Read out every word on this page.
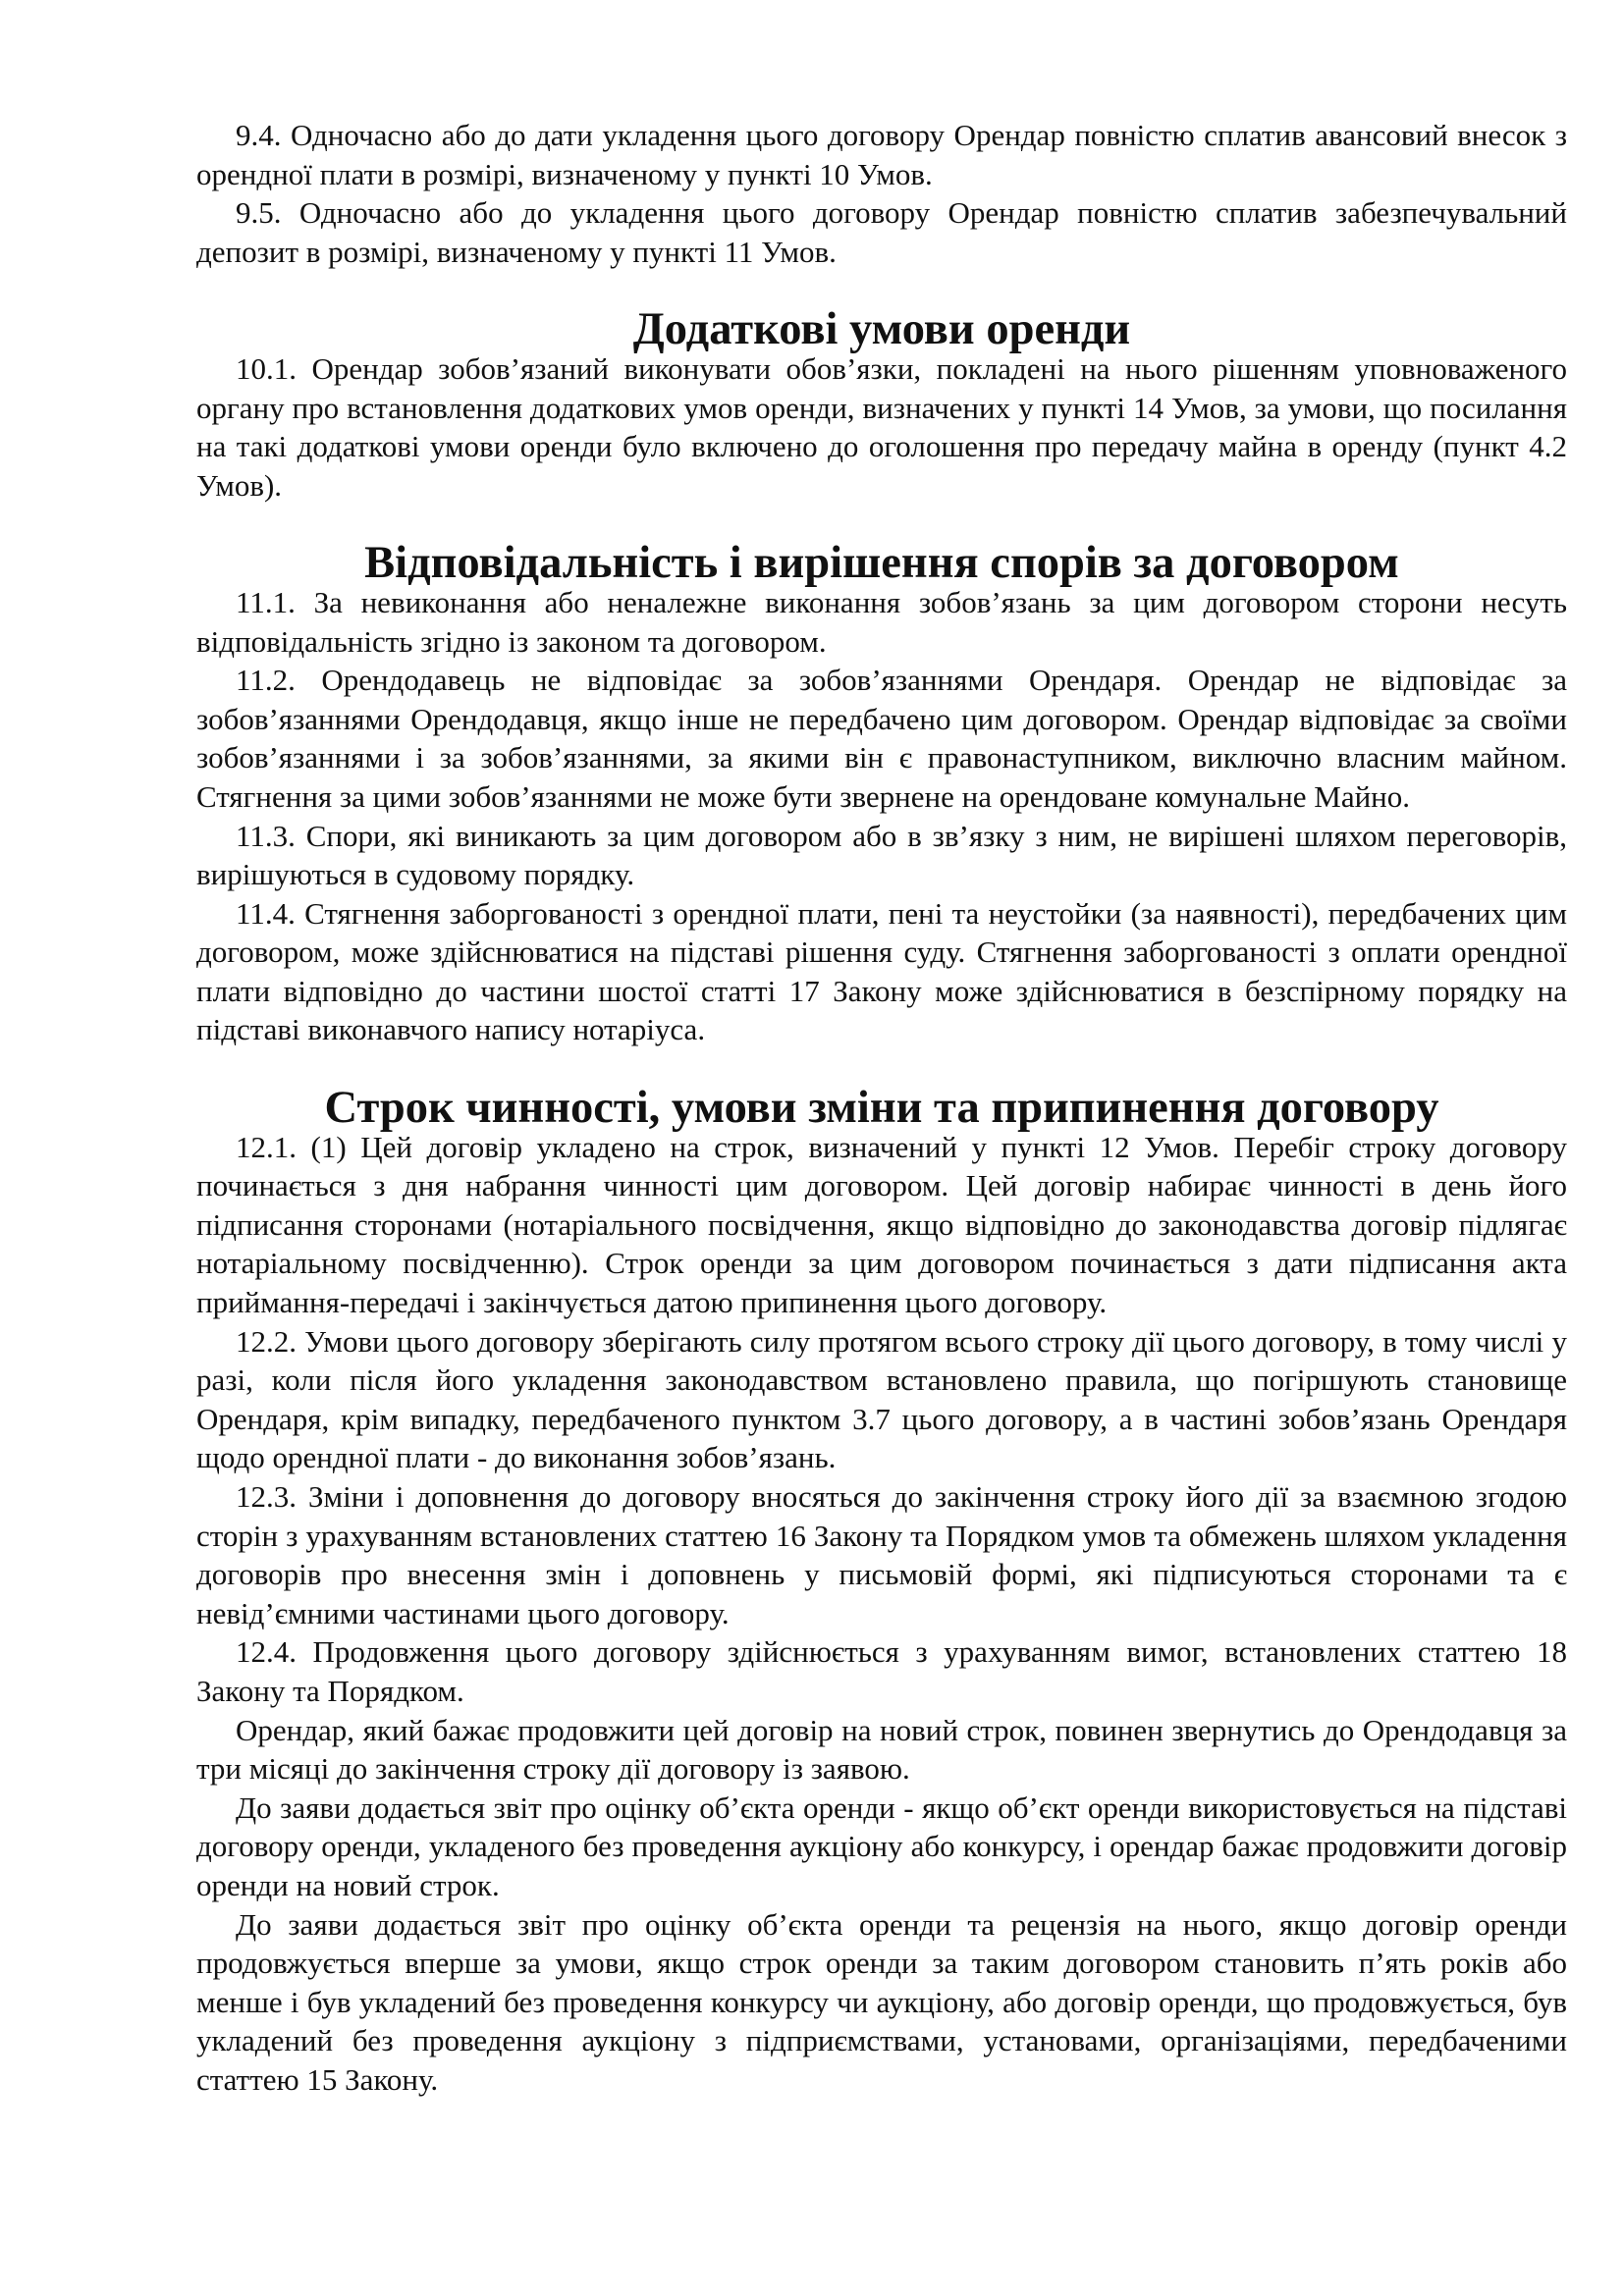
9.4. Одночасно або до дати укладення цього договору Орендар повністю сплатив авансовий внесок з орендної плати в розмірі, визначеному у пункті 10 Умов.

9.5. Одночасно або до укладення цього договору Орендар повністю сплатив забезпечувальний депозит в розмірі, визначеному у пункті 11 Умов.

Додаткові умови оренди

10.1. Орендар зобов’язаний виконувати обов’язки, покладені на нього рішенням уповноваженого органу про встановлення додаткових умов оренди, визначених у пункті 14 Умов, за умови, що посилання на такі додаткові умови оренди було включено до оголошення про передачу майна в оренду (пункт 4.2 Умов).

Відповідальність і вирішення спорів за договором

11.1. За невиконання або неналежне виконання зобов’язань за цим договором сторони несуть відповідальність згідно із законом та договором.

11.2. Орендодавець не відповідає за зобов’язаннями Орендаря. Орендар не відповідає за зобов’язаннями Орендодавця, якщо інше не передбачено цим договором. Орендар відповідає за своїми зобов’язаннями і за зобов’язаннями, за якими він є правонаступником, виключно власним майном. Стягнення за цими зобов’язаннями не може бути звернене на орендоване комунальне Майно.

11.3. Спори, які виникають за цим договором або в зв’язку з ним, не вирішені шляхом переговорів, вирішуються в судовому порядку.

11.4. Стягнення заборгованості з орендної плати, пені та неустойки (за наявності), передбачених цим договором, може здійснюватися на підставі рішення суду. Стягнення заборгованості з оплати орендної плати відповідно до частини шостої статті 17 Закону може здійснюватися в безспірному порядку на підставі виконавчого напису нотаріуса.

Строк чинності, умови зміни та припинення договору

12.1. (1) Цей договір укладено на строк, визначений у пункті 12 Умов. Перебіг строку договору починається з дня набрання чинності цим договором. Цей договір набирає чинності в день його підписання сторонами (нотаріального посвідчення, якщо відповідно до законодавства договір підлягає нотаріальному посвідченню). Строк оренди за цим договором починається з дати підписання акта приймання-передачі і закінчується датою припинення цього договору.

12.2. Умови цього договору зберігають силу протягом всього строку дії цього договору, в тому числі у разі, коли після його укладення законодавством встановлено правила, що погіршують становище Орендаря, крім випадку, передбаченого пунктом 3.7 цього договору, а в частині зобов’язань Орендаря щодо орендної плати - до виконання зобов’язань.

12.3. Зміни і доповнення до договору вносяться до закінчення строку його дії за взаємною згодою сторін з урахуванням встановлених статтею 16 Закону та Порядком умов та обмежень шляхом укладення договорів про внесення змін і доповнень у письмовій формі, які підписуються сторонами та є невід’ємними частинами цього договору.

12.4. Продовження цього договору здійснюється з урахуванням вимог, встановлених статтею 18 Закону та Порядком.

Орендар, який бажає продовжити цей договір на новий строк, повинен звернутись до Орендодавця за три місяці до закінчення строку дії договору із заявою.

До заяви додається звіт про оцінку об’єкта оренди - якщо об’єкт оренди використовується на підставі договору оренди, укладеного без проведення аукціону або конкурсу, і орендар бажає продовжити договір оренди на новий строк.

До заяви додається звіт про оцінку об’єкта оренди та рецензія на нього, якщо договір оренди продовжується вперше за умови, якщо строк оренди за таким договором становить п’ять років або менше і був укладений без проведення конкурсу чи аукціону, або договір оренди, що продовжується, був укладений без проведення аукціону з підприємствами, установами, організаціями, передбаченими статтею 15 Закону.
